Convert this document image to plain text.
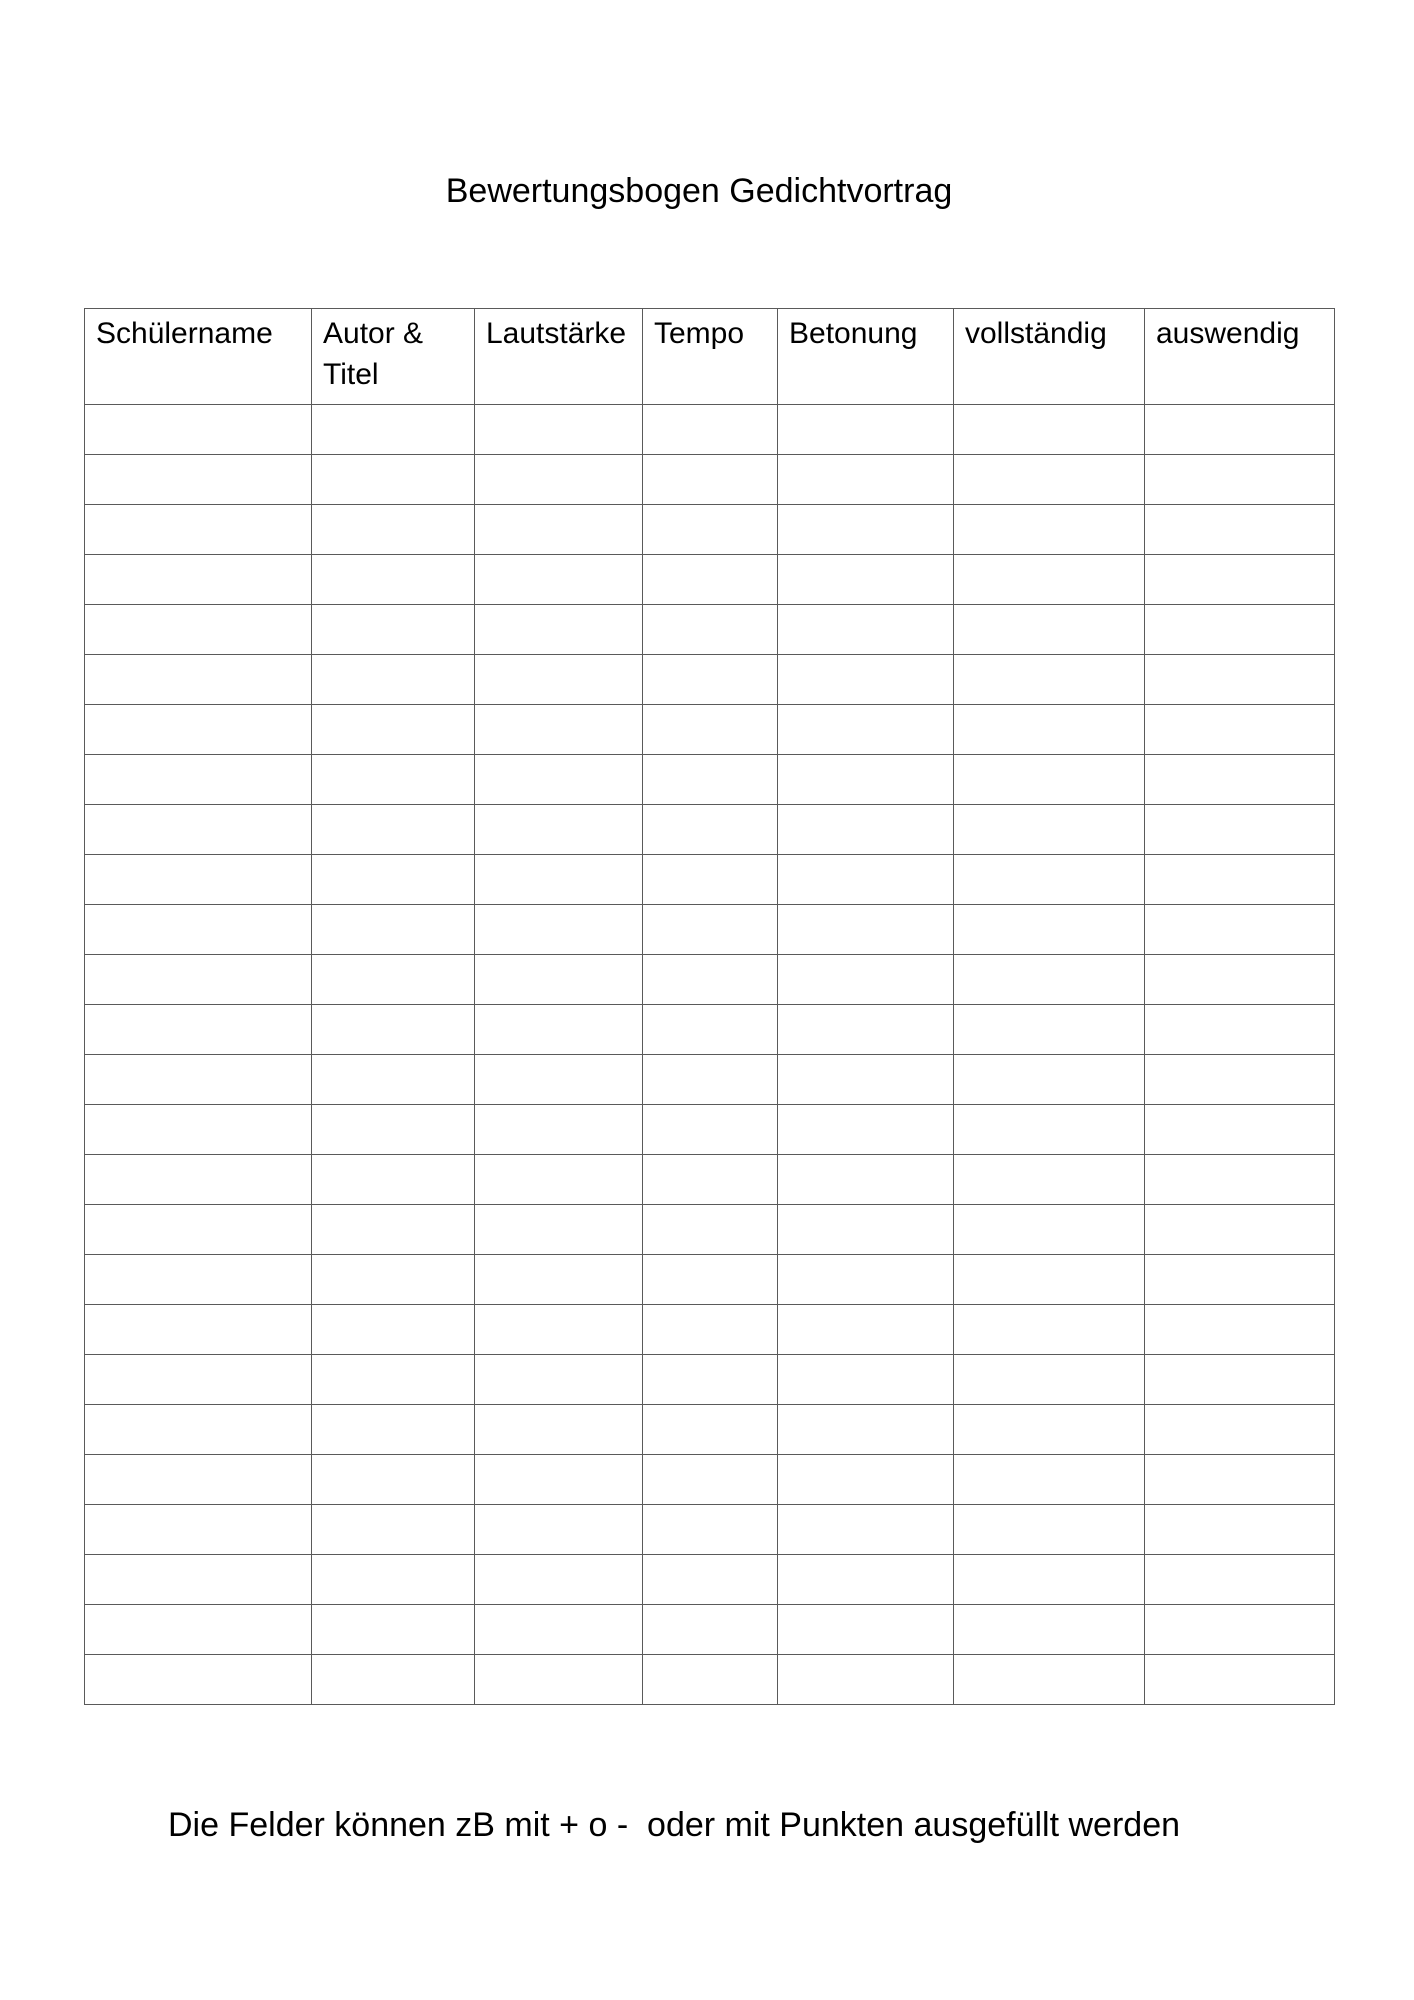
Bewertungsbogen Gedichtvortrag
Schülername	Autor & Titel	Lautstärke	Tempo	Betonung	vollständig	auswendig

Die Felder können zB mit + o -  oder mit Punkten ausgefüllt werden
